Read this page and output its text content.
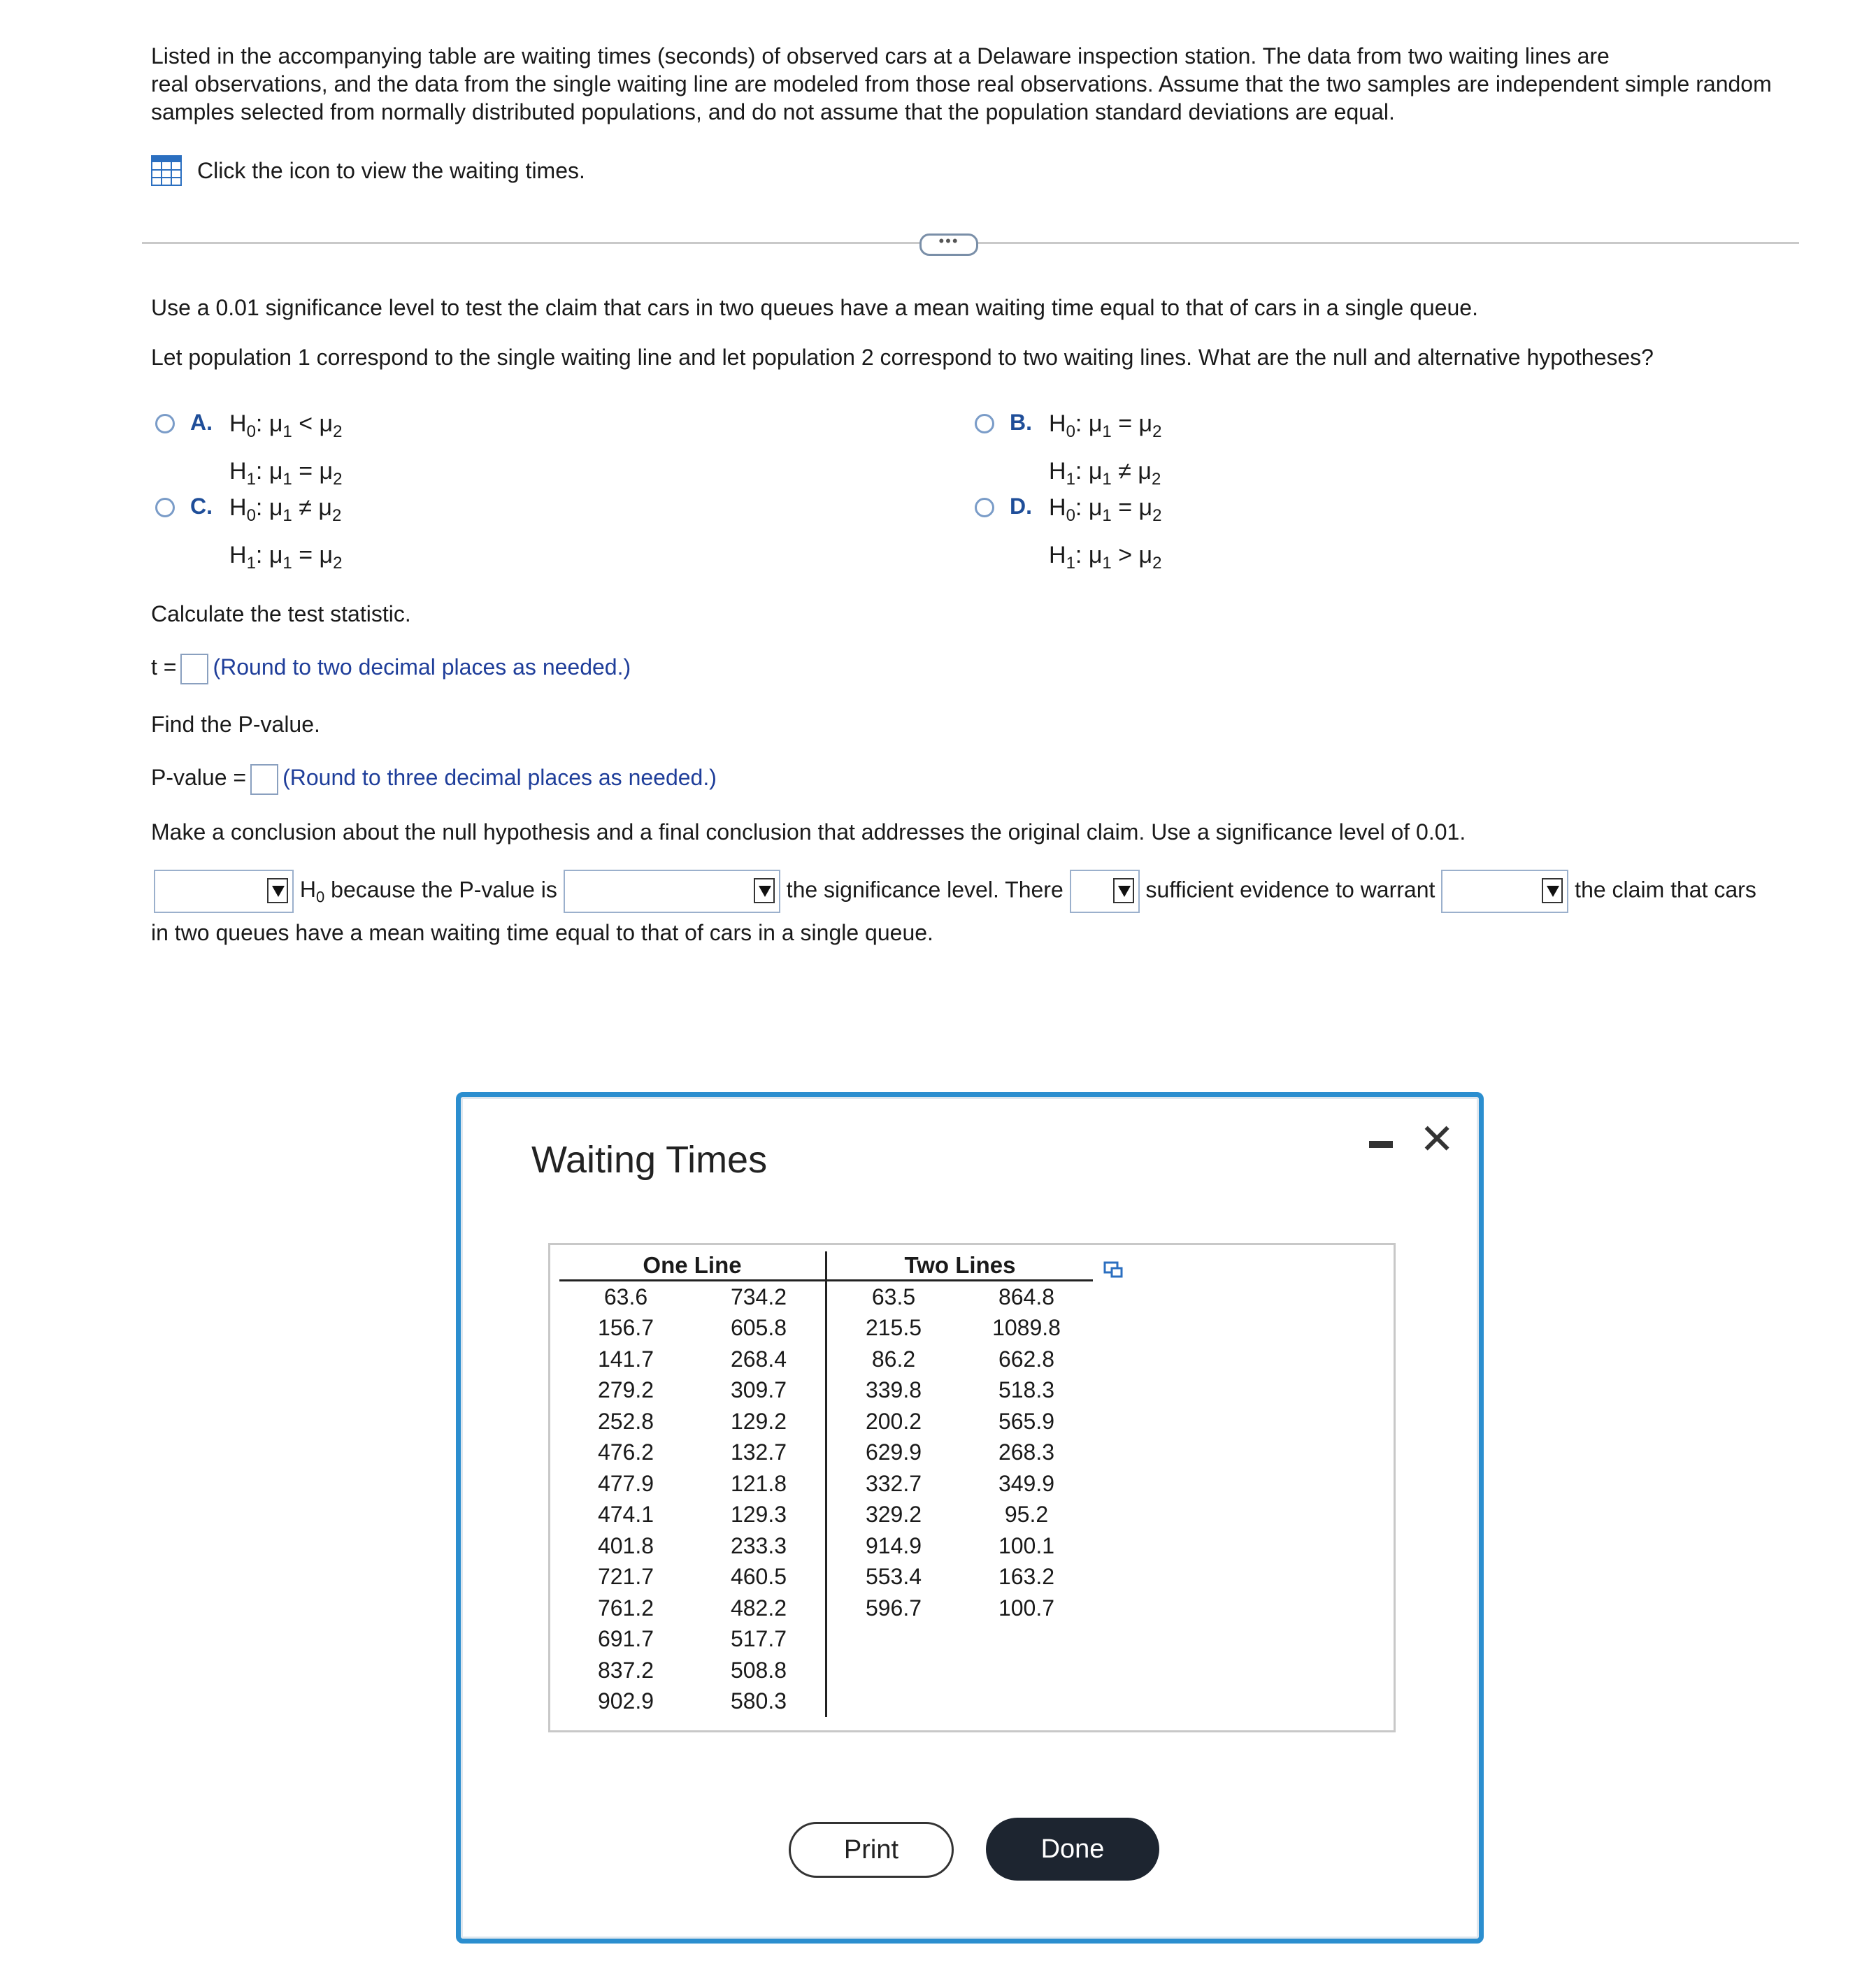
Listed in the accompanying table are waiting times (seconds) of observed cars at a Delaware inspection station. The data from two waiting lines are

real observations, and the data from the single waiting line are modeled from those real observations. Assume that the two samples are independent simple random

samples selected from normally distributed populations, and do not assume that the population standard deviations are equal.

Click the icon to view the waiting times.
•••
Use a 0.01 significance level to test the claim that cars in two queues have a mean waiting time equal to that of cars in a single queue.
Let population 1 correspond to the single waiting line and let population 2 correspond to two waiting lines. What are the null and alternative hypotheses?
A. $H_0$: $\mu_1 < \mu_2$
$H_1$: $\mu_1 = \mu_2$
B. $H_0$: $\mu_1 = \mu_2$
$H_1$: $\mu_1 \ne \mu_2$
C. $H_0$: $\mu_1 \ne \mu_2$
$H_1$: $\mu_1 = \mu_2$
D. $H_0$: $\mu_1 = \mu_2$
$H_1$: $\mu_1 > \mu_2$
Calculate the test statistic.
t = (Round to two decimal places as needed.)
Find the P-value.
P-value = (Round to three decimal places as needed.)
Make a conclusion about the null hypothesis and a final conclusion that addresses the original claim. Use a significance level of 0.01.
$H_0$ because the P-value is	the significance level. There	sufficient evidence to warrant	the claim that cars
in two queues have a mean waiting time equal to that of cars in a single queue.
Waiting Times	✕
One Line		Two Lines	
63.6	734.2	63.5	864.8
156.7	605.8	215.5	1089.8
141.7	268.4	86.2	662.8
279.2	309.7	339.8	518.3
252.8	129.2	200.2	565.9
476.2	132.7	629.9	268.3
477.9	121.8	332.7	349.9
474.1	129.3	329.2	95.2
401.8	233.3	914.9	100.1
721.7	460.5	553.4	163.2
761.2	482.2	596.7	100.7
691.7	517.7		
837.2	508.8		
902.9	580.3		
Print	Done
